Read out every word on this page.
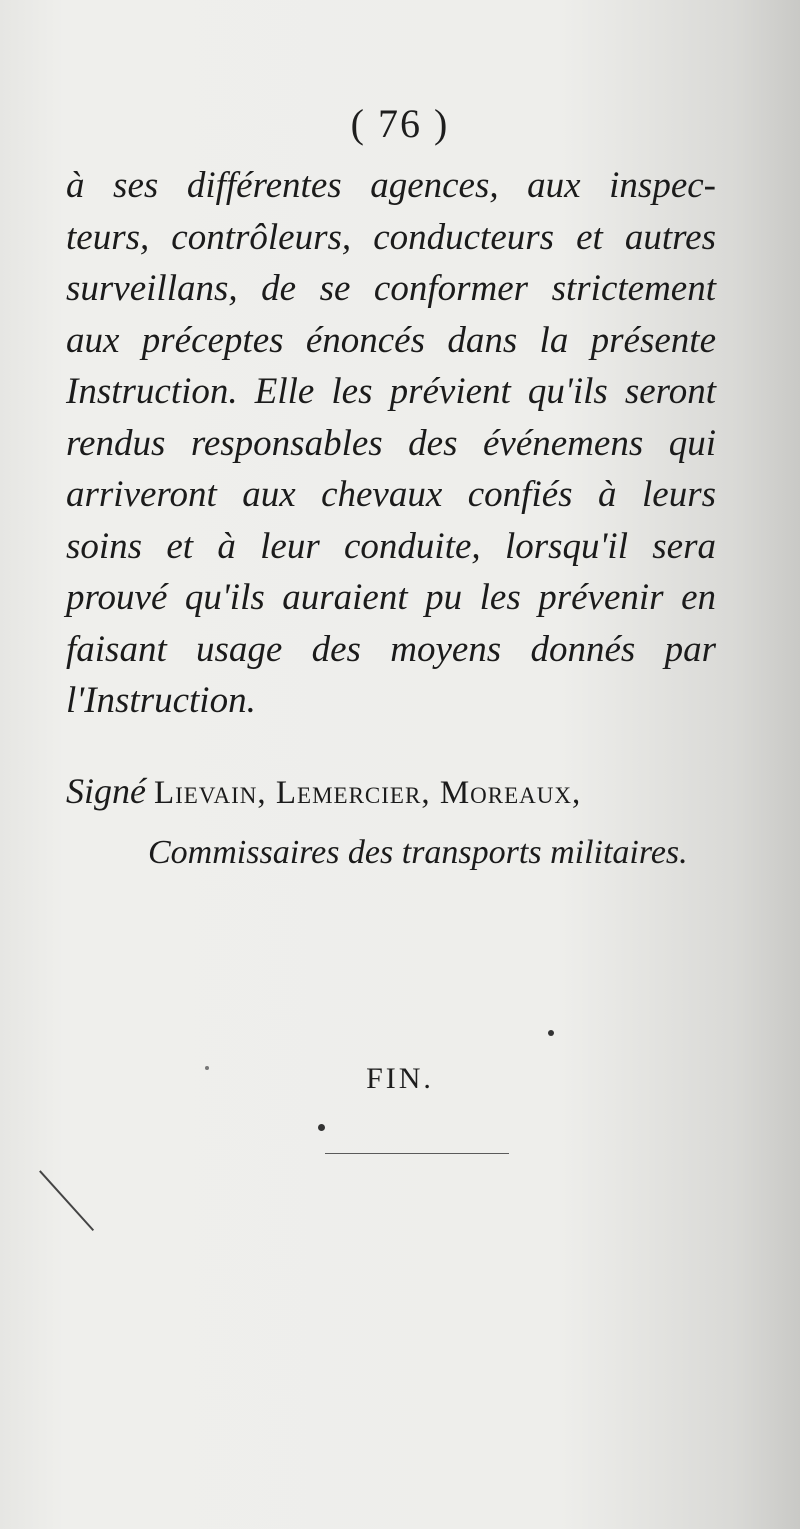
( 76 )
à ses différentes agences, aux inspec-
teurs, contrôleurs, conducteurs et autres
surveillans, de se conformer strictement
aux préceptes énoncés dans la présente
Instruction. Elle les prévient qu'ils seront
rendus responsables des événemens qui
arriveront aux chevaux confiés à leurs
soins et à leur conduite, lorsqu'il sera
prouvé qu'ils auraient pu les prévenir en
faisant usage des moyens donnés par
l'Instruction.
Signé Lievain, Lemercier, Moreaux,
Commissaires des transports militaires.
FIN.
